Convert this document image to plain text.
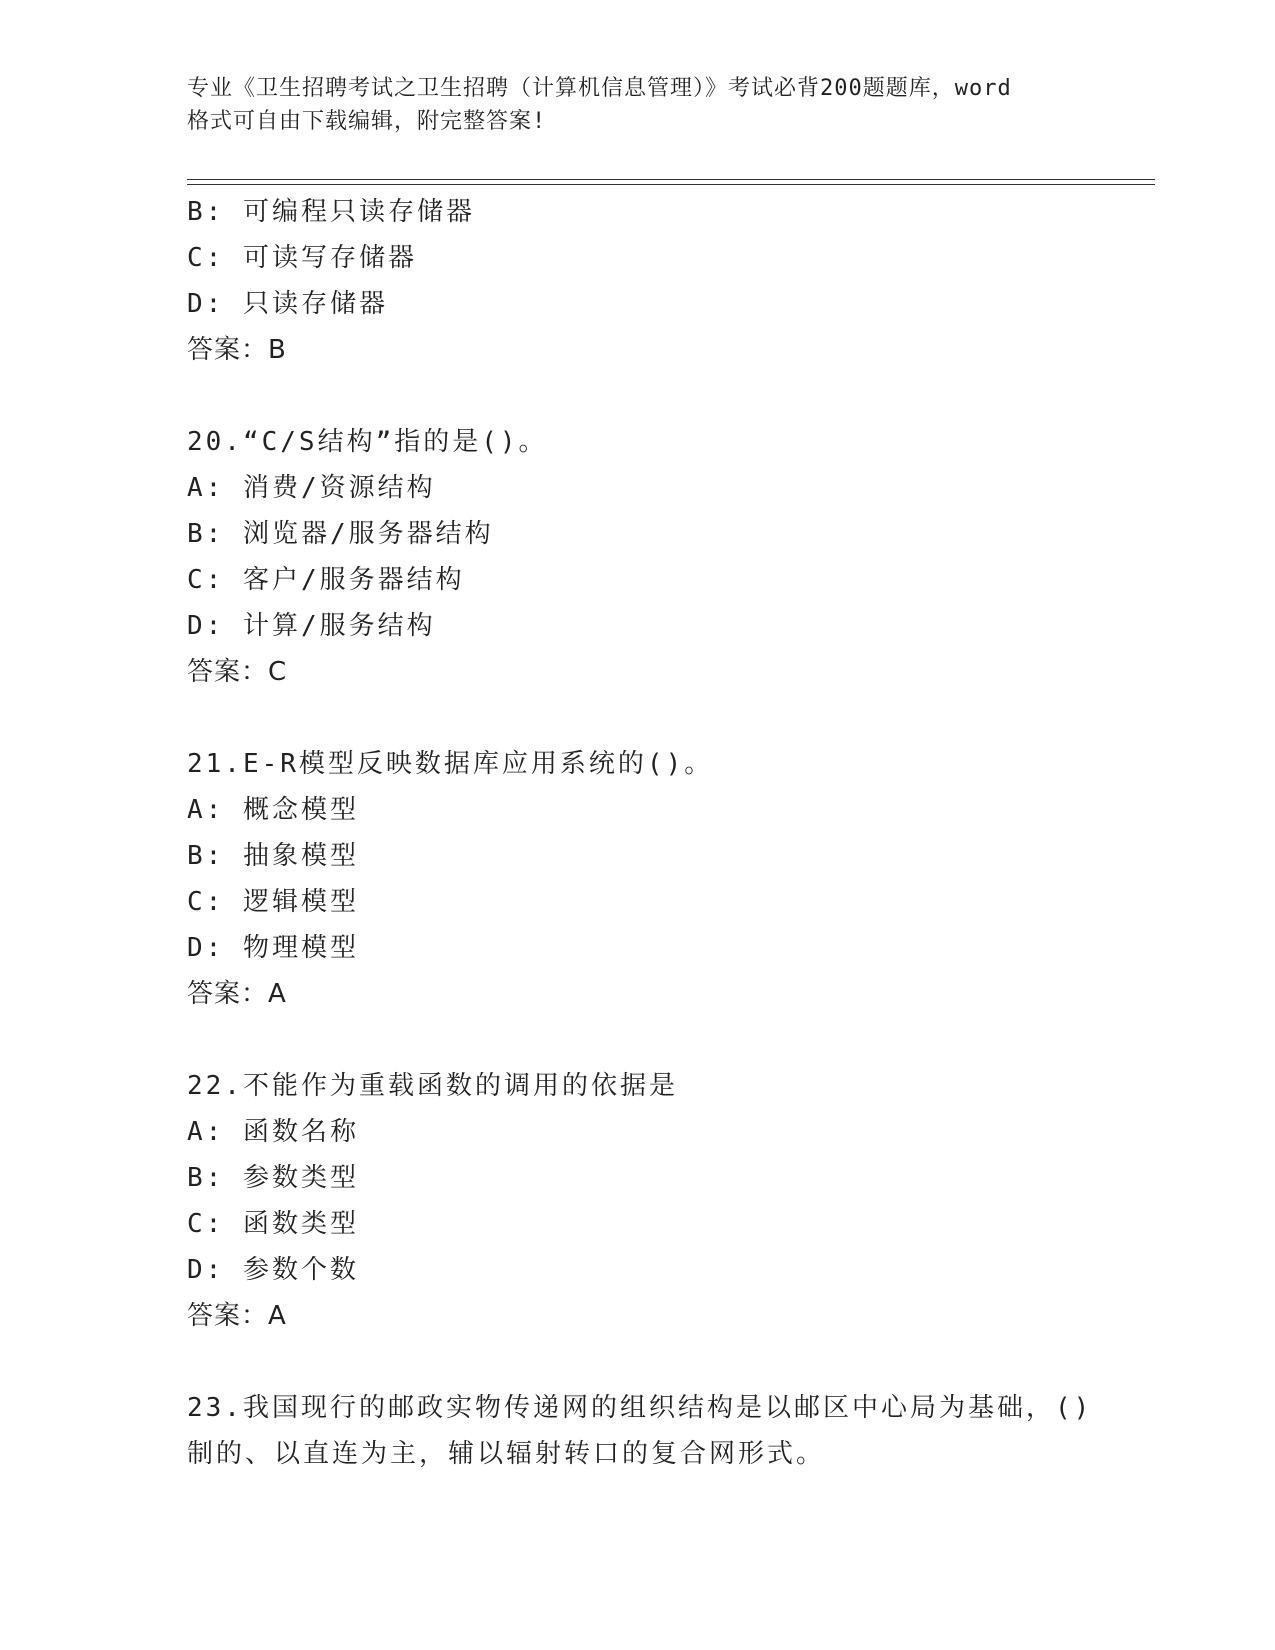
专业《卫生招聘考试之卫生招聘（计算机信息管理）》考试必背200题题库，word
格式可自由下载编辑，附完整答案!
B: 可编程只读存储器
C: 可读写存储器
D: 只读存储器
答案：B
20.“C/S结构”指的是()。
A: 消费/资源结构
B: 浏览器/服务器结构
C: 客户/服务器结构
D: 计算/服务结构
答案：C
21.E-R模型反映数据库应用系统的()。
A: 概念模型
B: 抽象模型
C: 逻辑模型
D: 物理模型
答案：A
22.不能作为重载函数的调用的依据是
A: 函数名称
B: 参数类型
C: 函数类型
D: 参数个数
答案：A
23.我国现行的邮政实物传递网的组织结构是以邮区中心局为基础，()
制的、以直连为主，辅以辐射转口的复合网形式。
